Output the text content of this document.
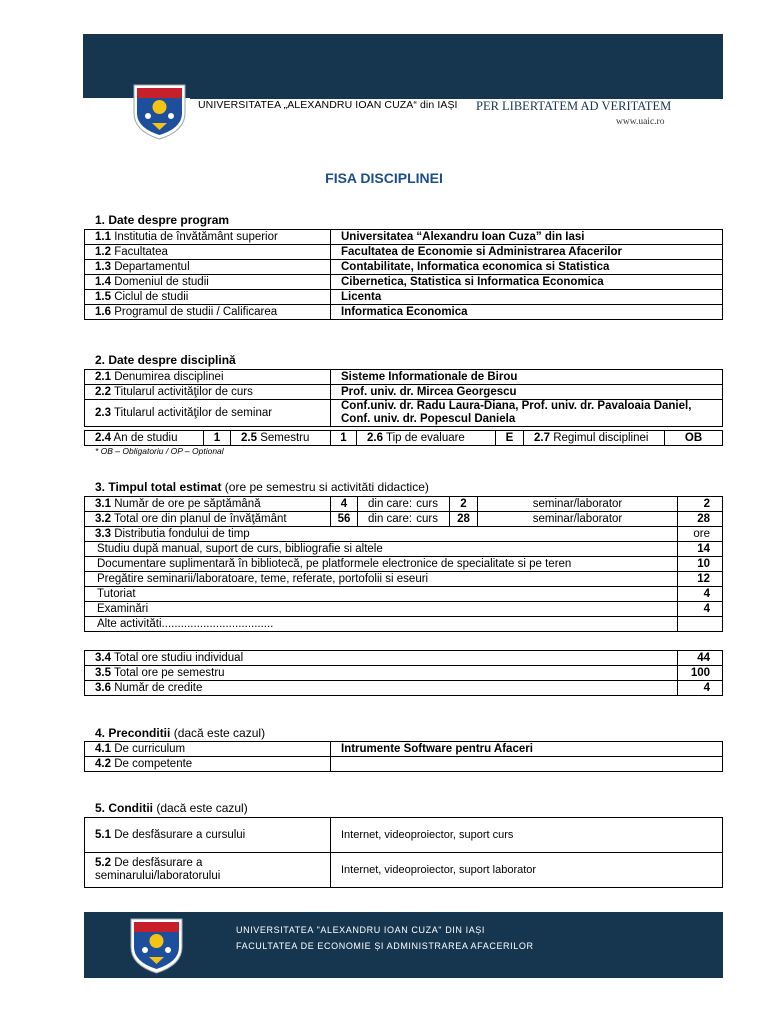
UNIVERSITATEA „ALEXANDRU IOAN CUZA“ din IAȘI PER LIBERTATEM AD VERITATEM
www.uaic.ro
FISA DISCIPLINEI
1. Date despre program
1.1 Institutia de învătământ superior	Universitatea “Alexandru Ioan Cuza” din Iasi
1.2 Facultatea	Facultatea de Economie si Administrarea Afacerilor
1.3 Departamentul	Contabilitate, Informatica economica si Statistica
1.4 Domeniul de studii	Cibernetica, Statistica si Informatica Economica
1.5 Ciclul de studii	Licenta
1.6 Programul de studii / Calificarea	Informatica Economica
2. Date despre disciplină
2.1 Denumirea disciplinei	Sisteme Informationale de Birou
2.2 Titularul activităţilor de curs	Prof. univ. dr. Mircea Georgescu
2.3 Titularul activităţilor de seminar	Conf.univ. dr. Radu Laura-Diana, Prof. univ. dr. Pavaloaia Daniel, Conf. univ. dr. Popescul Daniela
2.4 An de studiu	1	2.5 Semestru	1	2.6 Tip de evaluare	E	2.7 Regimul disciplinei	OB
* OB – Obligatoriu / OP – Optional
3. Timpul total estimat (ore pe semestru si activităti didactice)
3.1 Număr de ore pe săptămână	4	din care: curs	2	seminar/laborator	2
3.2 Total ore din planul de învăţământ	56	din care: curs	28	seminar/laborator	28
3.3 Distributia fondului de timp					ore
Studiu după manual, suport de curs, bibliografie si altele					14
Documentare suplimentară în bibliotecă, pe platformele electronice de specialitate si pe teren					10
Pregătire seminarii/laboratoare, teme, referate, portofolii si eseuri					12
Tutoriat					4
Examinări					4
Alte activităti...................................					
3.4 Total ore studiu individual	44
3.5 Total ore pe semestru	100
3.6 Număr de credite	4
4. Preconditii (dacă este cazul)
4.1 De curriculum	Intrumente Software pentru Afaceri
4.2 De competente	
5. Conditii (dacă este cazul)
5.1 De desfăsurare a cursului	Internet, videoproiector, suport curs
5.2 De desfăsurare a seminarului/laboratorului	Internet, videoproiector, suport laborator
UNIVERSITATEA "ALEXANDRU IOAN CUZA" DIN IAȘI
FACULTATEA DE ECONOMIE ȘI ADMINISTRAREA AFACERILOR
